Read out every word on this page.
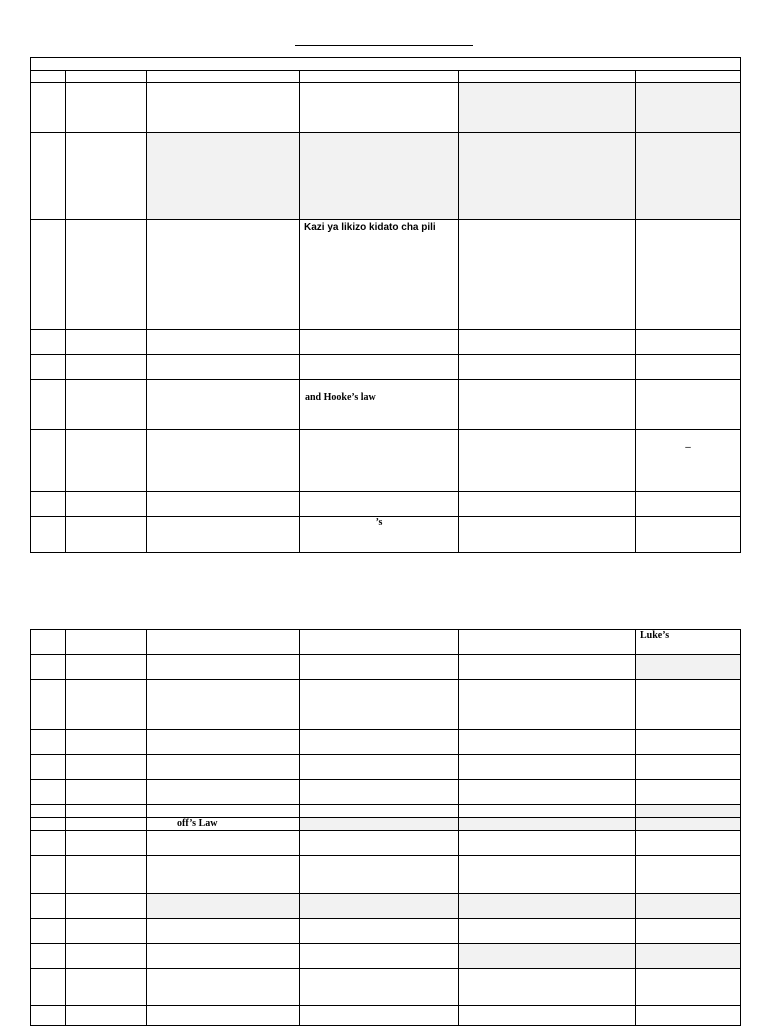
			Kazi ya likizo kidato cha pili		

			and Hooke’s law		
					–

			’s		
					Luke’s

		off’s Law			
